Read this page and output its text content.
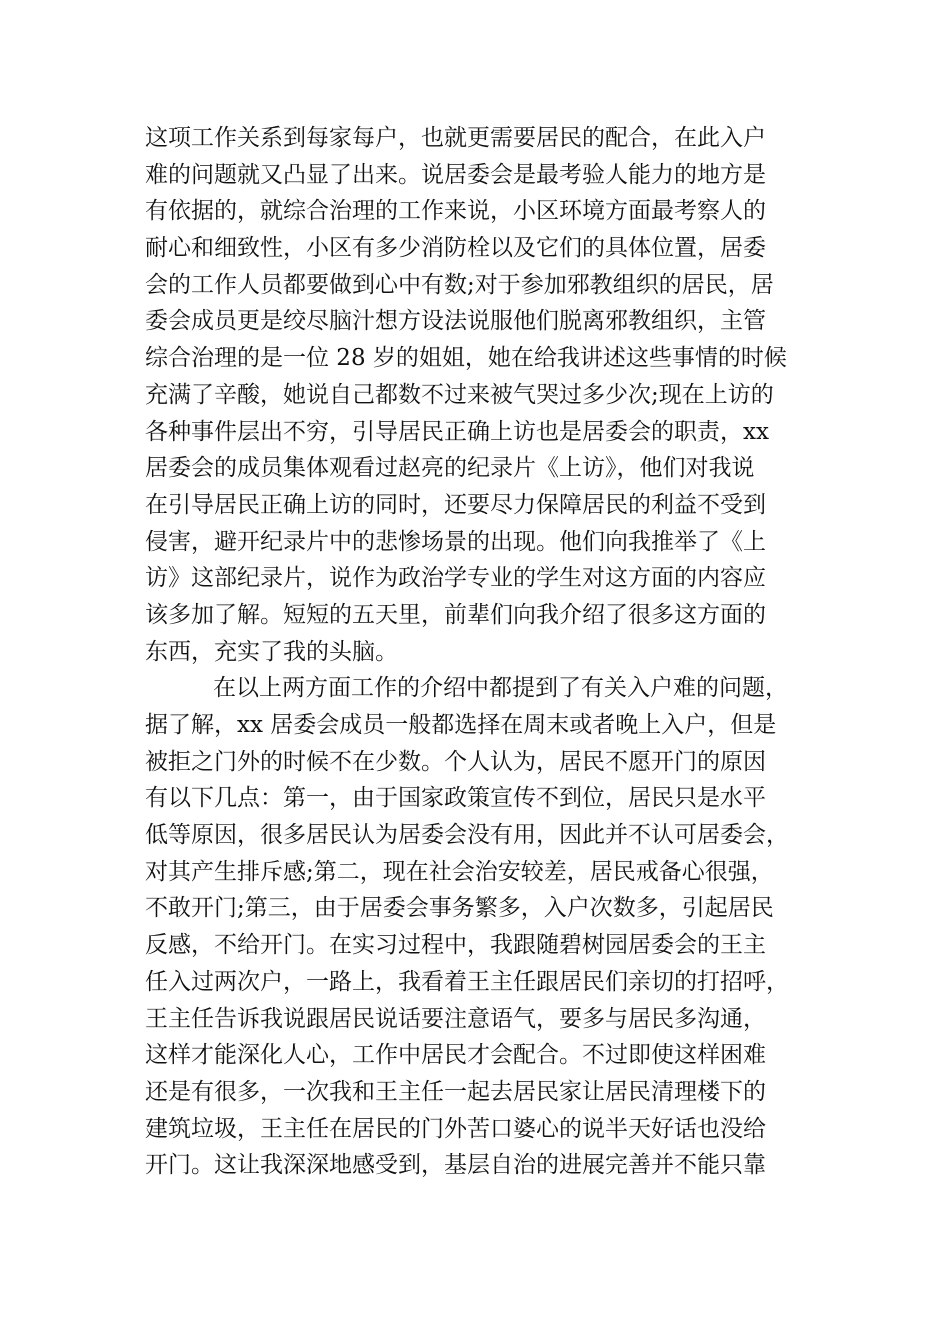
这项工作关系到每家每户，也就更需要居民的配合，在此入户
难的问题就又凸显了出来。说居委会是最考验人能力的地方是
有依据的，就综合治理的工作来说，小区环境方面最考察人的
耐心和细致性，小区有多少消防栓以及它们的具体位置，居委
会的工作人员都要做到心中有数;对于参加邪教组织的居民，居
委会成员更是绞尽脑汁想方设法说服他们脱离邪教组织，主管
综合治理的是一位 28 岁的姐姐，她在给我讲述这些事情的时候
充满了辛酸，她说自己都数不过来被气哭过多少次;现在上访的
各种事件层出不穷，引导居民正确上访也是居委会的职责，xx
居委会的成员集体观看过赵亮的纪录片《上访》，他们对我说
在引导居民正确上访的同时，还要尽力保障居民的利益不受到
侵害，避开纪录片中的悲惨场景的出现。他们向我推举了《上
访》这部纪录片，说作为政治学专业的学生对这方面的内容应
该多加了解。短短的五天里，前辈们向我介绍了很多这方面的
东西，充实了我的头脑。
在以上两方面工作的介绍中都提到了有关入户难的问题，
据了解，xx 居委会成员一般都选择在周末或者晚上入户，但是
被拒之门外的时候不在少数。个人认为，居民不愿开门的原因
有以下几点：第一，由于国家政策宣传不到位，居民只是水平
低等原因，很多居民认为居委会没有用，因此并不认可居委会，
对其产生排斥感;第二，现在社会治安较差，居民戒备心很强，
不敢开门;第三，由于居委会事务繁多，入户次数多，引起居民
反感，不给开门。在实习过程中，我跟随碧树园居委会的王主
任入过两次户，一路上，我看着王主任跟居民们亲切的打招呼，
王主任告诉我说跟居民说话要注意语气，要多与居民多沟通，
这样才能深化人心，工作中居民才会配合。不过即使这样困难
还是有很多，一次我和王主任一起去居民家让居民清理楼下的
建筑垃圾，王主任在居民的门外苦口婆心的说半天好话也没给
开门。这让我深深地感受到，基层自治的进展完善并不能只靠
